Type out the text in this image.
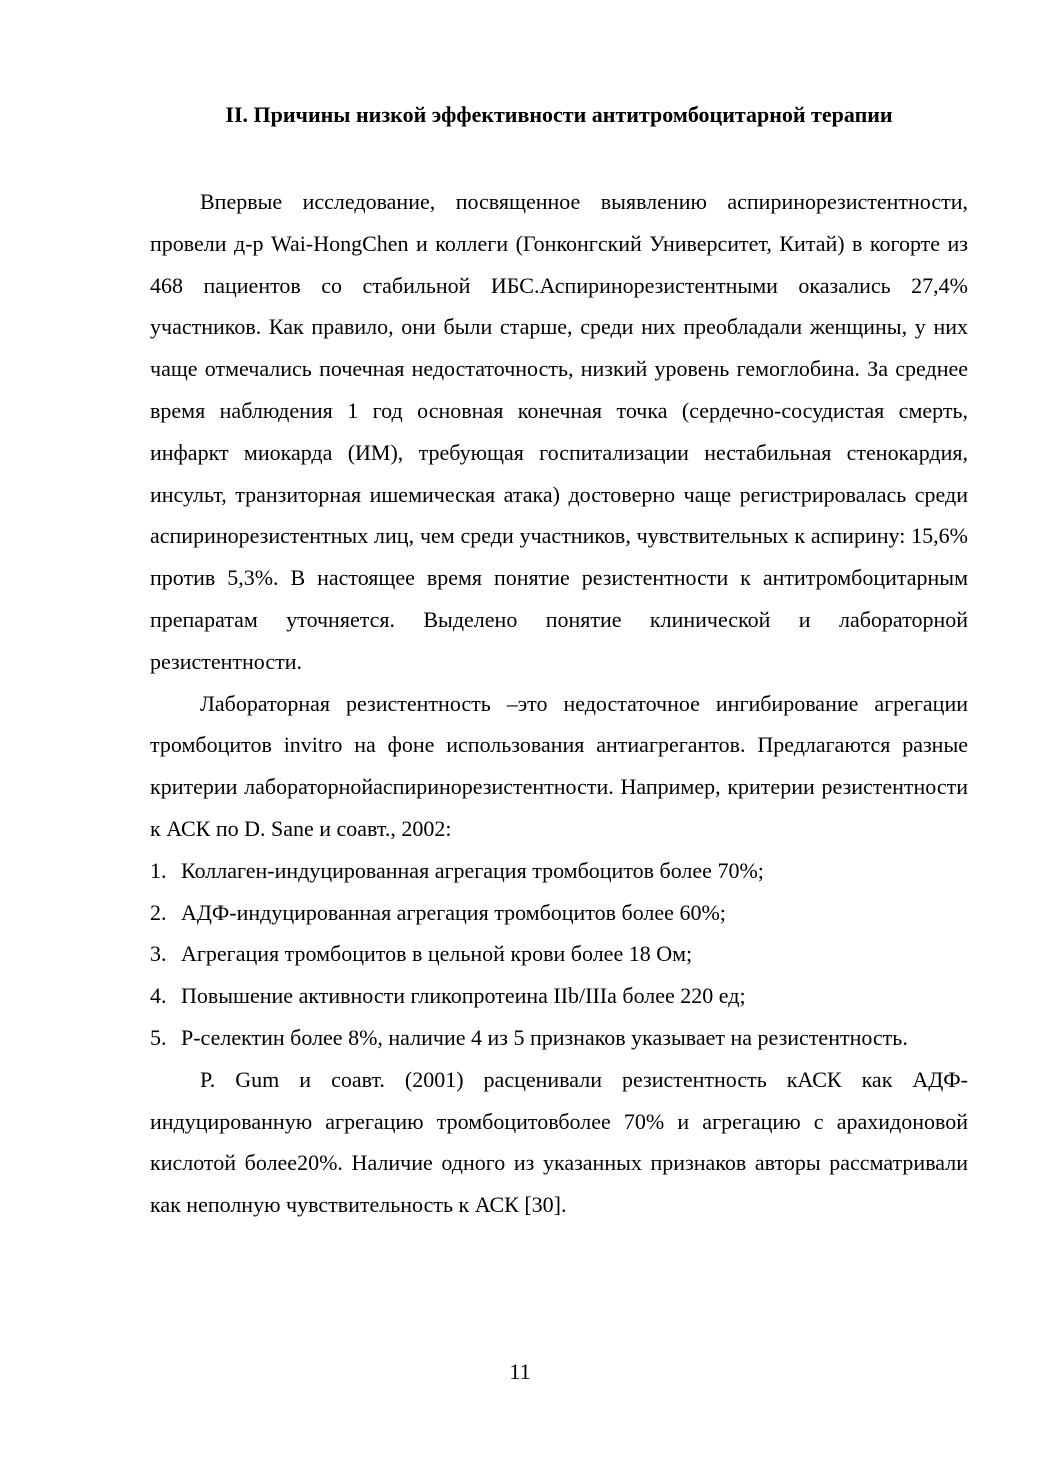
II. Причины низкой эффективности антитромбоцитарной терапии

Впервые исследование, посвященное выявлению аспиринорезистентности, провели д-р Wai-HongChen и коллеги (Гонконгский Университет, Китай) в когорте из 468 пациентов со стабильной ИБС.Аспиринорезистентными оказались 27,4% участников. Как правило, они были старше, среди них преобладали женщины, у них чаще отмечались почечная недостаточность, низкий уровень гемоглобина. За среднее время наблюдения 1 год основная конечная точка (сердечно-сосудистая смерть, инфаркт миокарда (ИМ), требующая госпитализации нестабильная стенокардия, инсульт, транзиторная ишемическая атака) достоверно чаще регистрировалась среди аспиринорезистентных лиц, чем среди участников, чувствительных к аспирину: 15,6% против 5,3%. В настоящее время понятие резистентности к антитромбоцитарным препаратам уточняется. Выделено понятие клинической и лабораторной резистентности.

Лабораторная резистентность –это недостаточное ингибирование агрегации тромбоцитов invitro на фоне использования антиагрегантов. Предлагаются разные критерии лабораторнойаспиринорезистентности. Например, критерии резистентности к АСК по D. Sane и соавт., 2002:

1. Коллаген-индуцированная агрегация тромбоцитов более 70%;
2. АДФ-индуцированная агрегация тромбоцитов более 60%;
3. Агрегация тромбоцитов в цельной крови более 18 Ом;
4. Повышение активности гликопротеина IIb/IIIa более 220 ед;
5. Р-селектин более 8%, наличие 4 из 5 признаков указывает на резистентность.

P. Gum и соавт. (2001) расценивали резистентность кАСК как АДФ-индуцированную агрегацию тромбоцитовболее 70% и агрегацию с арахидоновой кислотой более20%. Наличие одного из указанных признаков авторы рассматривали как неполную чувствительность к АСК [30].

11
